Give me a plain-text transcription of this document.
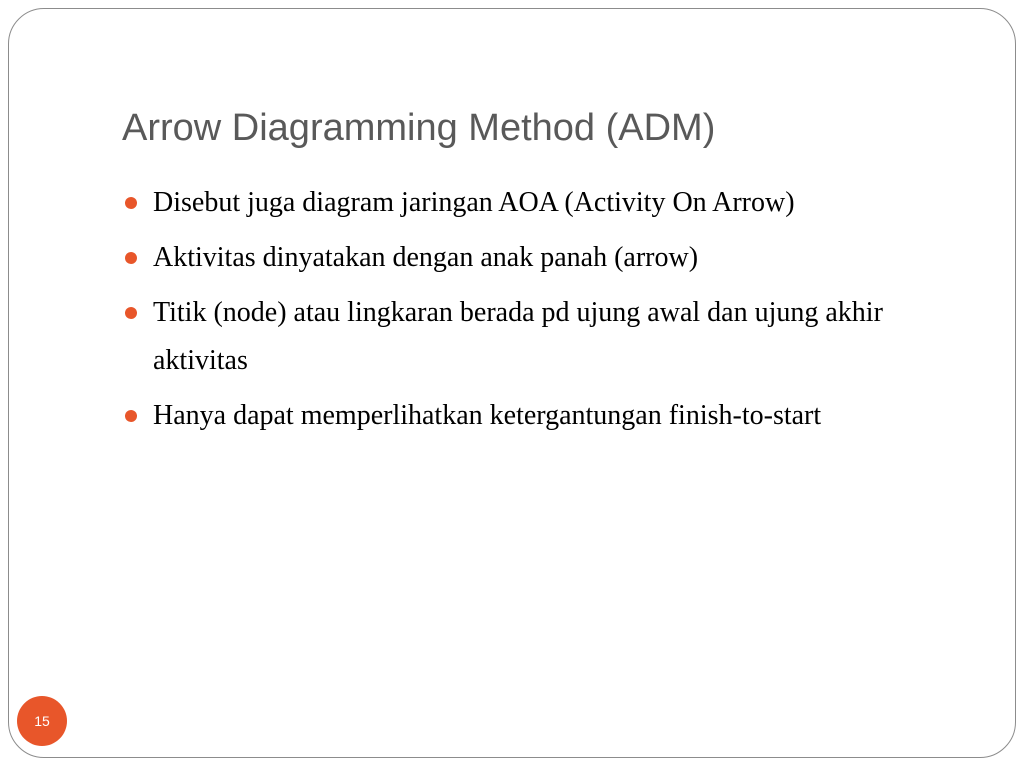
Arrow Diagramming Method (ADM)
Disebut juga diagram jaringan AOA (Activity On Arrow)
Aktivitas dinyatakan dengan anak panah (arrow)
Titik (node) atau lingkaran berada pd ujung awal dan ujung akhir aktivitas
Hanya dapat memperlihatkan ketergantungan finish-to-start
15
